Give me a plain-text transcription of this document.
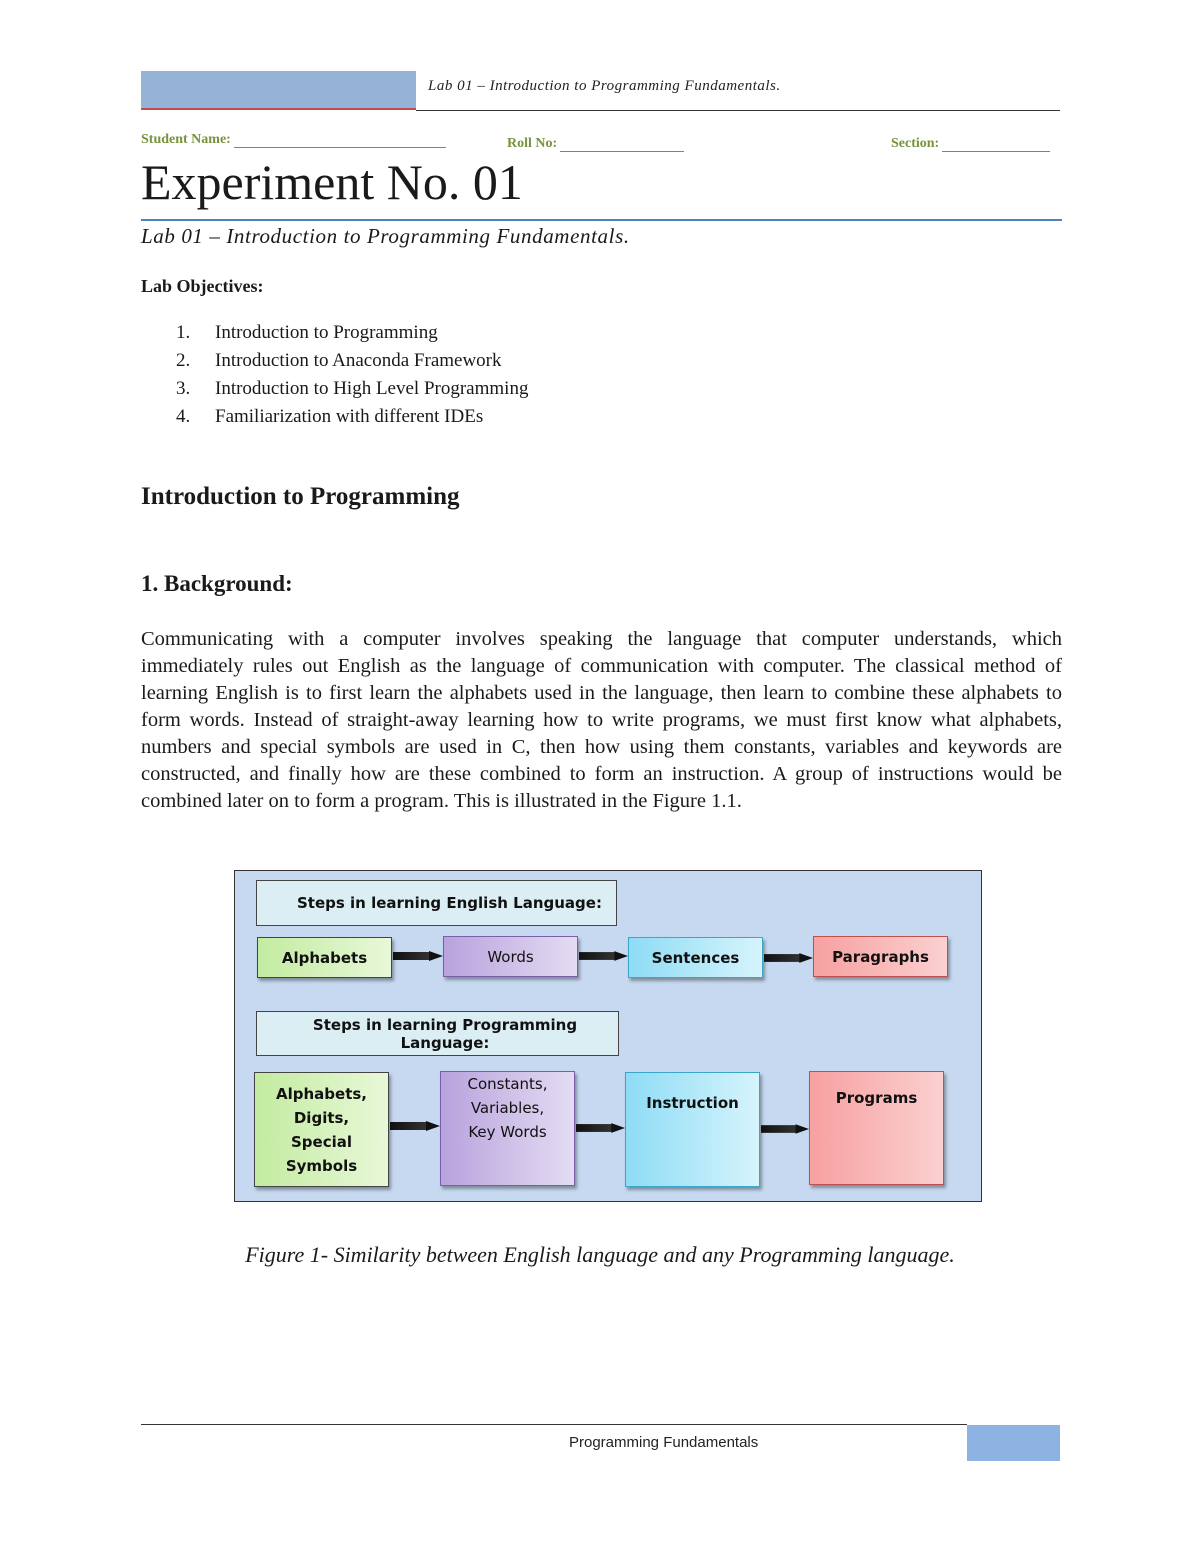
Lab 01 – Introduction to Programming Fundamentals.
Student Name:	Roll No:	Section:
Experiment No. 01
Lab 01 – Introduction to Programming Fundamentals.
Lab Objectives:
1. Introduction to Programming
2. Introduction to Anaconda Framework
3. Introduction to High Level Programming
4. Familiarization with different IDEs
Introduction to Programming
1. Background:
Communicating with a computer involves speaking the language that computer understands, which immediately rules out English as the language of communication with computer. The classical method of learning English is to first learn the alphabets used in the language, then learn to combine these alphabets to form words. Instead of straight-away learning how to write programs, we must first know what alphabets, numbers and special symbols are used in C, then how using them constants, variables and keywords are constructed, and finally how are these combined to form an instruction. A group of instructions would be combined later on to form a program. This is illustrated in the Figure 1.1.
Steps in learning English Language:
Alphabets	Words	Sentences	Paragraphs
Steps in learning Programming Language:
Alphabets, Digits, Special Symbols
Constants, Variables, Key Words
Instruction	Programs
Figure 1- Similarity between English language and any Programming language.
Programming Fundamentals
